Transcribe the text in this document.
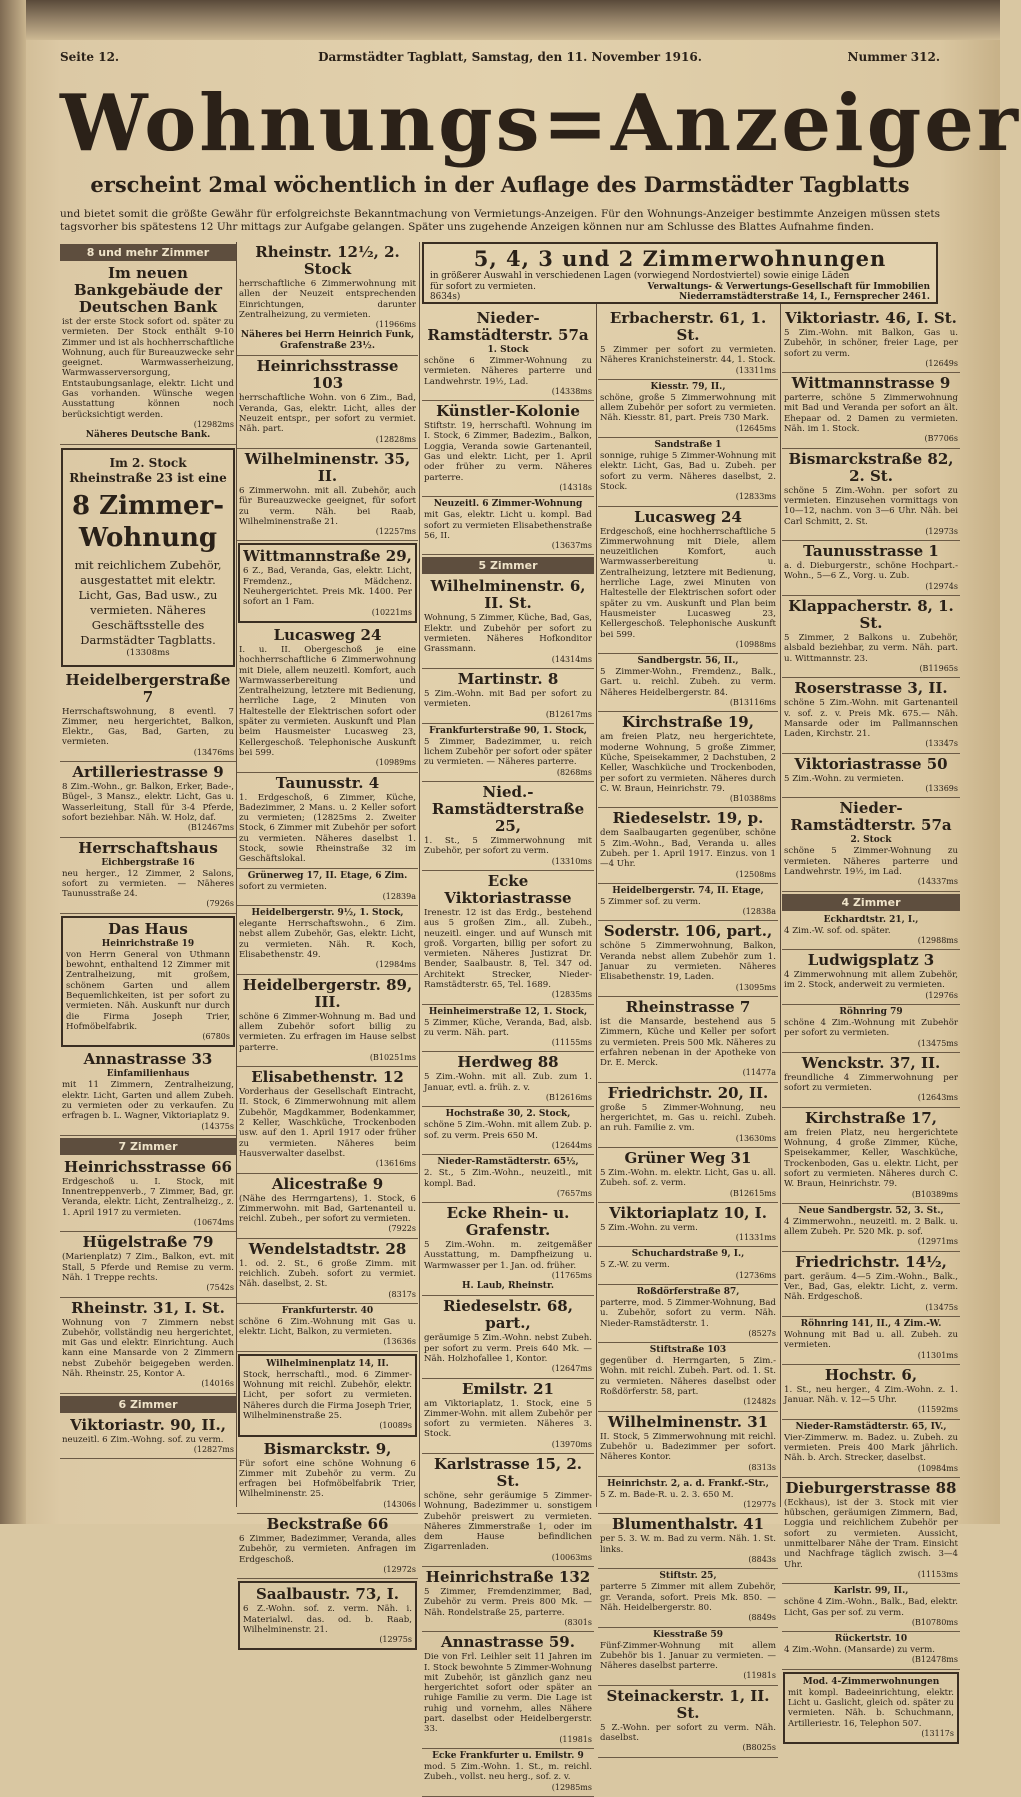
Seite 12.	Darmstädter Tagblatt, Samstag, den 11. November 1916.	Nummer 312.
Wohnungs=Anzeiger
erscheint 2mal wöchentlich in der Auflage des Darmstädter Tagblatts
und bietet somit die größte Gewähr für erfolgreichste Bekanntmachung von Vermietungs-Anzeigen. Für den Wohnungs-Anzeiger bestimmte Anzeigen müssen stets tagsvorher bis spätestens 12 Uhr mittags zur Aufgabe gelangen. Später uns zugehende Anzeigen können nur am Schlusse des Blattes Aufnahme finden.
5, 4, 3 und 2 Zimmerwohnungen

in größerer Auswahl in verschiedenen Lagen (vorwiegend Nordostviertel) sowie einige Läden

für sofort zu vermieten.	Verwaltungs- & Verwertungs-Gesellschaft für Immobilien
8634s)	Niederramstädterstraße 14, I., Fernsprecher 2461.
8 und mehr Zimmer
Im neuen Bankgebäude der Deutschen Bank

ist der erste Stock sofort od. später zu vermieten. Der Stock enthält 9-10 Zimmer und ist als hochherrschaftliche Wohnung, auch für Bureauzwecke sehr geeignet. Warmwasserheizung, Warmwasserversorgung, Entstaubungsanlage, elektr. Licht und Gas vorhanden. Wünsche wegen Ausstattung können noch berücksichtigt werden.

(12982ms

Näheres Deutsche Bank.

Im 2. Stock Rheinstraße 23 ist eine
8 Zimmer-Wohnung
mit reichlichem Zubehör, ausgestattet mit elektr. Licht, Gas, Bad usw., zu vermieten. Näheres Geschäftsstelle des Darmstädter Tagblatts.
(13308ms
Heidelbergerstraße 7

Herrschaftswohnung, 8 eventl. 7 Zimmer, neu hergerichtet, Balkon, Elektr., Gas, Bad, Garten, zu vermieten.

(13476ms
Artilleriestrasse 9

8 Zim.-Wohn., gr. Balkon, Erker, Bade-, Bügel-, 3 Mansz., elektr. Licht, Gas u. Wasserleitung, Stall für 3-4 Pferde, sofort beziehbar. Näh. W. Holz, daf.

(B12467ms
Herrschaftshaus

Eichbergstraße 16

neu herger., 12 Zimmer, 2 Salons, sofort zu vermieten. — Näheres Taunusstraße 24.

(7926s
Das Haus

Heinrichstraße 19

von Herrn General von Uthmann bewohnt, enthaltend 12 Zimmer mit Zentralheizung, mit großem, schönem Garten und allem Bequemlichkeiten, ist per sofort zu vermieten. Näh. Auskunft nur durch die Firma Joseph Trier, Hofmöbelfabrik.

(6780s
Annastrasse 33

Einfamilienhaus

mit 11 Zimmern, Zentralheizung, elektr. Licht, Garten und allem Zubeh. zu vermieten oder zu verkaufen. Zu erfragen b. L. Wagner, Viktoriaplatz 9.

(14375s
7 Zimmer
Heinrichsstrasse 66

Erdgeschoß u. I. Stock, mit Innentreppenverb., 7 Zimmer, Bad, gr. Veranda, elektr. Licht, Zentralheizg., z. 1. April 1917 zu vermieten.

(10674ms
Hügelstraße 79

(Marienplatz) 7 Zim., Balkon, evt. mit Stall, 5 Pferde und Remise zu verm. Näh. 1 Treppe rechts.

(7542s
Rheinstr. 31, I. St.

Wohnung von 7 Zimmern nebst Zubehör, vollständig neu hergerichtet, mit Gas und elektr. Einrichtung. Auch kann eine Mansarde von 2 Zimmern nebst Zubehör beigegeben werden. Näh. Rheinstr. 25, Kontor A.

(14016s
6 Zimmer
Viktoriastr. 90, II.,

neuzeitl. 6 Zim.-Wohng. sof. zu verm.

(12827ms
Rheinstr. 12½, 2. Stock

herrschaftliche 6 Zimmerwohnung mit allen der Neuzeit entsprechenden Einrichtungen, darunter Zentralheizung, zu vermieten.

(11966ms

Näheres bei Herrn Heinrich Funk, Grafenstraße 23½.

Heinrichsstrasse 103

herrschaftliche Wohn. von 6 Zim., Bad, Veranda, Gas, elektr. Licht, alles der Neuzeit entspr., per sofort zu vermiet. Näh. part.

(12828ms
Wilhelminenstr. 35, II.

6 Zimmerwohn. mit all. Zubehör, auch für Bureauzwecke geeignet, für sofort zu verm. Näh. bei Raab, Wilhelminenstraße 21.

(12257ms
Wittmannstraße 29,

6 Z., Bad, Veranda, Gas, elektr. Licht, Fremdenz., Mädchenz. Neuhergerichtet. Preis Mk. 1400. Per sofort an 1 Fam.

(10221ms
Lucasweg 24

I. u. II. Obergeschoß je eine hochherrschaftliche 6 Zimmerwohnung mit Diele, allem neuzeitl. Komfort, auch Warmwasserbereitung und Zentralheizung, letztere mit Bedienung, herrliche Lage, 2 Minuten von Haltestelle der Elektrischen sofort oder später zu vermieten. Auskunft und Plan beim Hausmeister Lucasweg 23, Kellergeschoß. Telephonische Auskunft bei 599.

(10989ms
Taunusstr. 4

1. Erdgeschoß, 6 Zimmer, Küche, Badezimmer, 2 Mans. u. 2 Keller sofort zu vermieten; (12825ms 2. Zweiter Stock, 6 Zimmer mit Zubehör per sofort zu vermieten. Näheres daselbst 1. Stock, sowie Rheinstraße 32 im Geschäftslokal.

Grünerweg 17, II. Etage, 6 Zim.

sofort zu vermieten.

(12839a

Heidelbergerstr. 9½, 1. Stock,

elegante Herrschaftswohn., 6 Zim. nebst allem Zubehör, Gas, elektr. Licht, zu vermieten. Näh. R. Koch, Elisabethenstr. 49.

(12984ms
Heidelbergerstr. 89, III.

schöne 6 Zimmer-Wohnung m. Bad und allem Zubehör sofort billig zu vermieten. Zu erfragen im Hause selbst parterre.

(B10251ms
Elisabethenstr. 12

Vorderhaus der Gesellschaft Eintracht, II. Stock, 6 Zimmerwohnung mit allem Zubehör, Magdkammer, Bodenkammer, 2 Keller, Waschküche, Trockenboden usw. auf den 1. April 1917 oder früher zu vermieten. Näheres beim Hausverwalter daselbst.

(13616ms
Alicestraße 9

(Nähe des Herrngartens), 1. Stock, 6 Zimmerwohn. mit Bad, Gartenanteil u. reichl. Zubeh., per sofort zu vermieten.

(7922s
Wendelstadtstr. 28

1. od. 2. St., 6 große Zimm. mit reichlich. Zubeh. sofort zu vermiet. Näh. daselbst, 2. St.

(8317s

Frankfurterstr. 40

schöne 6 Zim.-Wohnung mit Gas u. elektr. Licht, Balkon, zu vermieten.

(13636s

Wilhelminenplatz 14, II.

Stock, herrschaftl., mod. 6 Zimmer-Wohnung mit reichl. Zubehör, elektr. Licht, per sofort zu vermieten. Näheres durch die Firma Joseph Trier, Wilhelminenstraße 25.

(10089s
Bismarckstr. 9,

Für sofort eine schöne Wohnung 6 Zimmer mit Zubehör zu verm. Zu erfragen bei Hofmöbelfabrik Trier, Wilhelminenstr. 25.

(14306s
Beckstraße 66

6 Zimmer, Badezimmer, Veranda, alles Zubehör, zu vermieten. Anfragen im Erdgeschoß.

(12972s
Saalbaustr. 73, I.

6 Z.-Wohn. sof. z. verm. Näh. i. Materialwl. das. od. b. Raab, Wilhelminenstr. 21.

(12975s
Nieder-Ramstädterstr. 57a

1. Stock

schöne 6 Zimmer-Wohnung zu vermieten. Näheres parterre und Landwehrstr. 19½, Lad.

(14338ms
Künstler-Kolonie

Stiftstr. 19, herrschaftl. Wohnung im I. Stock, 6 Zimmer, Badezim., Balkon, Loggia, Veranda sowie Gartenanteil, Gas und elektr. Licht, per 1. April oder früher zu verm. Näheres parterre.

(14318s

Neuzeitl. 6 Zimmer-Wohnung

mit Gas, elektr. Licht u. kompl. Bad sofort zu vermieten Elisabethenstraße 56, II.

(13637ms
5 Zimmer
Wilhelminenstr. 6, II. St.

Wohnung, 5 Zimmer, Küche, Bad, Gas, Elektr. und Zubehör per sofort zu vermieten. Näheres Hofkonditor Grassmann.

(14314ms
Martinstr. 8

5 Zim.-Wohn. mit Bad per sofort zu vermieten.

(B12617ms

Frankfurterstraße 90, 1. Stock,

5 Zimmer, Badezimmer, u. reich lichem Zubehör per sofort oder später zu vermieten. — Näheres parterre.

(8268ms
Nied.-Ramstädterstraße 25,

1. St., 5 Zimmerwohnung mit Zubehör, per sofort zu verm.

(13310ms
Ecke Viktoriastrasse

Irenestr. 12 ist das Erdg., bestehend aus 5 großen Zim., all. Zubeh., neuzeitl. einger. und auf Wunsch mit groß. Vorgarten, billig per sofort zu vermieten. Näheres Justizrat Dr. Bender, Saalbaustr. 8, Tel. 347 od. Architekt Strecker, Nieder-Ramstädterstr. 65, Tel. 1689.

(12835ms

Heinheimerstraße 12, 1. Stock,

5 Zimmer, Küche, Veranda, Bad, alsb. zu verm. Näh. part.

(11155ms
Herdweg 88

5 Zim.-Wohn. mit all. Zub. zum 1. Januar, evtl. a. früh. z. v.

(B12616ms

Hochstraße 30, 2. Stock,

schöne 5 Zim.-Wohn. mit allem Zub. p. sof. zu verm. Preis 650 M.

(12644ms

Nieder-Ramstädterstr. 65½,

2. St., 5 Zim.-Wohn., neuzeitl., mit kompl. Bad.

(7657ms
Ecke Rhein- u. Grafenstr.

5 Zim.-Wohn. m. zeitgemäßer Ausstattung, m. Dampfheizung u. Warmwasser per 1. Jan. od. früher.

(11765ms

H. Laub, Rheinstr.

Riedeselstr. 68, part.,

geräumige 5 Zim.-Wohn. nebst Zubeh. per sofort zu verm. Preis 640 Mk. — Näh. Holzhofallee 1, Kontor.

(12647ms
Emilstr. 21

am Viktoriaplatz, 1. Stock, eine 5 Zimmer-Wohn. mit allem Zubehör per sofort zu vermieten. Näheres 3. Stock.

(13970ms
Karlstrasse 15, 2. St.

schöne, sehr geräumige 5 Zimmer-Wohnung, Badezimmer u. sonstigem Zubehör preiswert zu vermieten. Näheres Zimmerstraße 1, oder im dem Hause befindlichen Zigarrenladen.

(10063ms
Heinrichstraße 132

5 Zimmer, Fremdenzimmer, Bad, Zubehör zu verm. Preis 800 Mk. — Näh. Rondelstraße 25, parterre.

(8301s
Annastrasse 59.

Die von Frl. Leihler seit 11 Jahren im I. Stock bewohnte 5 Zimmer-Wohnung mit Zubehör, ist gänzlich ganz neu hergerichtet sofort oder später an ruhige Familie zu verm. Die Lage ist ruhig und vornehm, alles Nähere part. daselbst oder Heidelbergerstr. 33.

(11981s

Ecke Frankfurter u. Emilstr. 9

mod. 5 Zim.-Wohn. 1. St., m. reichl. Zubeh., vollst. neu herg., sof. z. v.

(12985ms
Erbacherstr. 61, 1. St.

5 Zimmer per sofort zu vermieten. Näheres Kranichsteinerstr. 44, 1. Stock.

(13311ms

Kiesstr. 79, II.,

schöne, große 5 Zimmerwohnung mit allem Zubehör per sofort zu vermieten. Näh. Kiesstr. 81, part. Preis 730 Mark.

(12645ms

Sandstraße 1

sonnige, ruhige 5 Zimmer-Wohnung mit elektr. Licht, Gas, Bad u. Zubeh. per sofort zu verm. Näheres daselbst, 2. Stock.

(12833ms
Lucasweg 24

Erdgeschoß, eine hochherrschaftliche 5 Zimmerwohnung mit Diele, allem neuzeitlichen Komfort, auch Warmwasserbereitung u. Zentralheizung, letztere mit Bedienung, herrliche Lage, zwei Minuten von Haltestelle der Elektrischen sofort oder später zu vm. Auskunft und Plan beim Hausmeister Lucasweg 23, Kellergeschoß. Telephonische Auskunft bei 599.

(10988ms

Sandbergstr. 56, II.,

5 Zimmer-Wohn., Fremdenz., Balk., Gart. u. reichl. Zubeh. zu verm. Näheres Heidelbergerstr. 84.

(B13116ms
Kirchstraße 19,

am freien Platz, neu hergerichtete, moderne Wohnung, 5 große Zimmer, Küche, Speisekammer, 2 Dachstuben, 2 Keller, Waschküche und Trockenboden, per sofort zu vermieten. Näheres durch C. W. Braun, Heinrichstr. 79.

(B10388ms
Riedeselstr. 19, p.

dem Saalbaugarten gegenüber, schöne 5 Zim.-Wohn., Bad, Veranda u. alles Zubeh. per 1. April 1917. Einzus. von 1—4 Uhr.

(12508ms

Heidelbergerstr. 74, II. Etage,

5 Zimmer sof. zu verm.

(12838a
Soderstr. 106, part.,

schöne 5 Zimmerwohnung, Balkon, Veranda nebst allem Zubehör zum 1. Januar zu vermieten. Näheres Elisabethenstr. 19, Laden.

(13095ms
Rheinstrasse 7

ist die Mansarde, bestehend aus 5 Zimmern, Küche und Keller per sofort zu vermieten. Preis 500 Mk. Näheres zu erfahren nebenan in der Apotheke von Dr. E. Merck.

(11477a
Friedrichstr. 20, II.

große 5 Zimmer-Wohnung, neu hergerichtet, m. Gas u. reichl. Zubeh. an ruh. Familie z. vm.

(13630ms
Grüner Weg 31

5 Zim.-Wohn. m. elektr. Licht, Gas u. all. Zubeh. sof. z. verm.

(B12615ms
Viktoriaplatz 10, I.

5 Zim.-Wohn. zu verm.

(11331ms

Schuchardstraße 9, I.,

5 Z.-W. zu verm.

(12736ms

Roßdörferstraße 87,

parterre, mod. 5 Zimmer-Wohnung, Bad u. Zubehör, sofort zu verm. Näh. Nieder-Ramstädterstr. 1.

(8527s

Stiftstraße 103

gegenüber d. Herrngarten, 5 Zim.-Wohn. mit reichl. Zubeh. Part. od. 1. St. zu vermieten. Näheres daselbst oder Roßdörferstr. 58, part.

(12482s
Wilhelminenstr. 31

II. Stock, 5 Zimmerwohnung mit reichl. Zubehör u. Badezimmer per sofort. Näheres Kontor.

(8313s

Heinrichstr. 2, a. d. Frankf.-Str.,

5 Z. m. Bade-R. u. 2. 3. 650 M.

(12977s
Blumenthalstr. 41

per 5. 3. W. m. Bad zu verm. Näh. 1. St. links.

(8843s

Stiftstr. 25,

parterre 5 Zimmer mit allem Zubehör, gr. Veranda, sofort. Preis Mk. 850. — Näh. Heidelbergerstr. 80.

(8849s

Kiesstraße 59

Fünf-Zimmer-Wohnung mit allem Zubehör bis 1. Januar zu vermieten. — Näheres daselbst parterre.

(11981s
Steinackerstr. 1, II. St.

5 Z.-Wohn. per sofort zu verm. Näh. daselbst.

(B8025s
Viktoriastr. 46, I. St.

5 Zim.-Wohn. mit Balkon, Gas u. Zubehör, in schöner, freier Lage, per sofort zu verm.

(12649s
Wittmannstrasse 9

parterre, schöne 5 Zimmerwohnung mit Bad und Veranda per sofort an ält. Ehepaar od. 2 Damen zu vermieten. Näh. im 1. Stock.

(B7706s
Bismarckstraße 82, 2. St.

schöne 5 Zim.-Wohn. per sofort zu vermieten. Einzusehen vormittags von 10—12, nachm. von 3—6 Uhr. Näh. bei Carl Schmitt, 2. St.

(12973s
Taunusstrasse 1

a. d. Dieburgerstr., schöne Hochpart.-Wohn., 5—6 Z., Vorg. u. Zub.

(12974s
Klappacherstr. 8, 1. St.

5 Zimmer, 2 Balkons u. Zubehör, alsbald beziehbar, zu verm. Näh. part. u. Wittmannstr. 23.

(B11965s
Roserstrasse 3, II.

schöne 5 Zim.-Wohn. mit Gartenanteil v. sof. z. v. Preis Mk. 675.— Näh. Mansarde oder im Pallmannschen Laden, Kirchstr. 21.

(13347s
Viktoriastrasse 50

5 Zim.-Wohn. zu vermieten.

(13369s
Nieder-Ramstädterstr. 57a

2. Stock

schöne 5 Zimmer-Wohnung zu vermieten. Näheres parterre und Landwehrstr. 19½, im Lad.

(14337ms
4 Zimmer

Eckhardtstr. 21, I.,

4 Zim.-W. sof. od. später.

(12988ms
Ludwigsplatz 3

4 Zimmerwohnung mit allem Zubehör, im 2. Stock, anderweit zu vermieten.

(12976s

Röhnring 79

schöne 4 Zim.-Wohnung mit Zubehör per sofort zu vermieten.

(13475ms
Wenckstr. 37, II.

freundliche 4 Zimmerwohnung per sofort zu vermieten.

(12643ms
Kirchstraße 17,

am freien Platz, neu hergerichtete Wohnung, 4 große Zimmer, Küche, Speisekammer, Keller, Waschküche, Trockenboden, Gas u. elektr. Licht, per sofort zu vermieten. Näheres durch C. W. Braun, Heinrichstr. 79.

(B10389ms

Neue Sandbergstr. 52, 3. St.,

4 Zimmerwohn., neuzeitl. m. 2 Balk. u. allem Zubeh. Pr. 520 Mk. p. sof.

(12971ms
Friedrichstr. 14½,

part. geräum. 4—5 Zim.-Wohn., Balk., Ver., Bad, Gas, elektr. Licht, z. verm. Näh. Erdgeschoß.

(13475s

Röhnring 141, II., 4 Zim.-W.

Wohnung mit Bad u. all. Zubeh. zu vermieten.

(11301ms
Hochstr. 6,

1. St., neu herger., 4 Zim.-Wohn. z. 1. Januar. Näh. v. 12—5 Uhr.

(11592ms

Nieder-Ramstädterstr. 65, IV.,

Vier-Zimmerw. m. Badez. u. Zubeh. zu vermieten. Preis 400 Mark jährlich. Näh. b. Arch. Strecker, daselbst.

(10984ms
Dieburgerstrasse 88

(Eckhaus), ist der 3. Stock mit vier hübschen, geräumigen Zimmern, Bad, Loggia und reichlichem Zubehör per sofort zu vermieten. Aussicht, unmittelbarer Nähe der Tram. Einsicht und Nachfrage täglich zwisch. 3—4 Uhr.

(11153ms

Karlstr. 99, II.,

schöne 4 Zim.-Wohn., Balk., Bad, elektr. Licht, Gas per sof. zu verm.

(B10780ms

Rückertstr. 10

4 Zim.-Wohn. (Mansarde) zu verm.

(B12478ms

Mod. 4-Zimmerwohnungen

mit kompl. Badeeinrichtung, elektr. Licht u. Gaslicht, gleich od. später zu vermieten. Näh. b. Schuchmann, Artilleriestr. 16, Telephon 507.

(13117s
